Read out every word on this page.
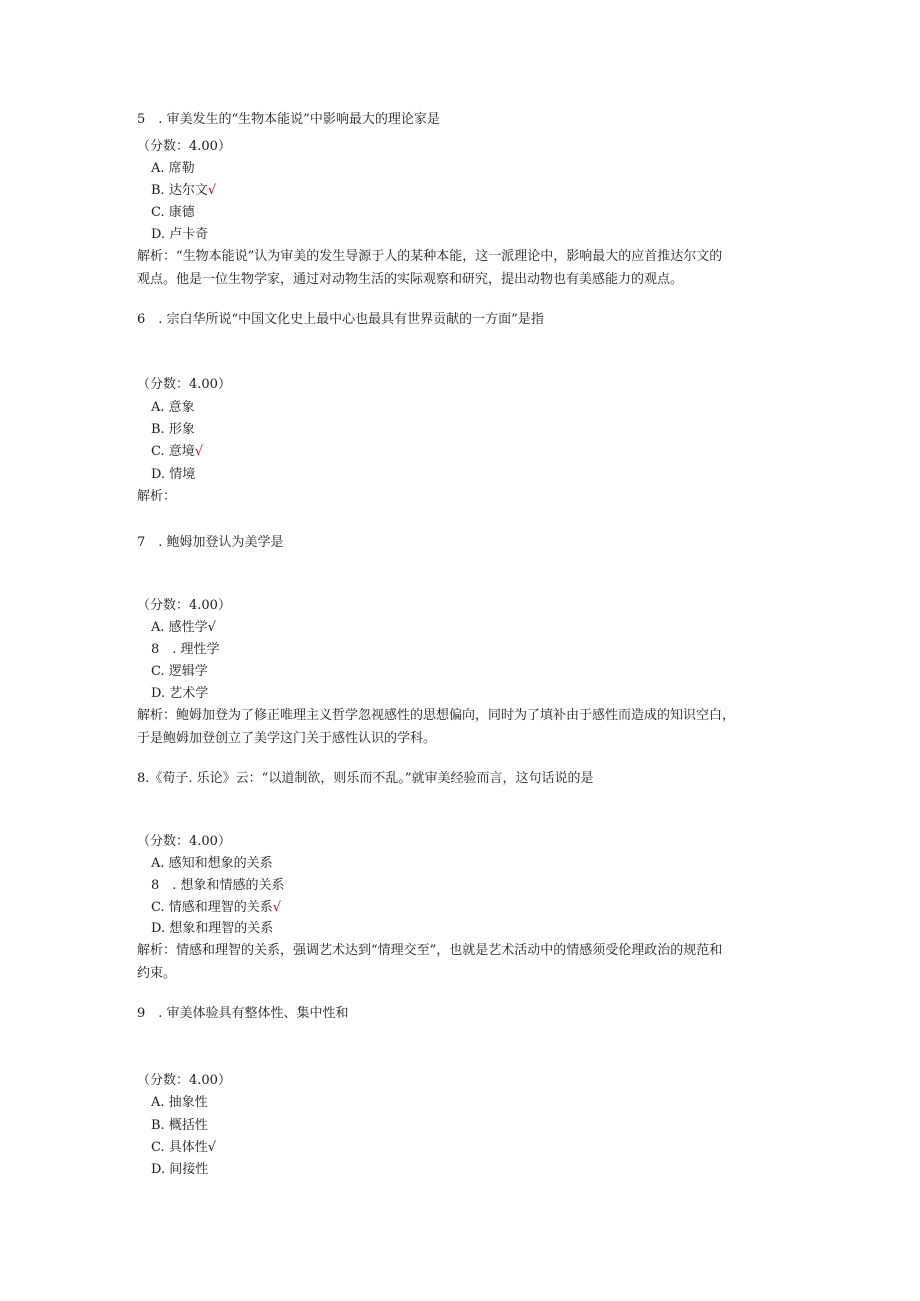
5　. 审美发生的“生物本能说”中影响最大的理论家是
（分数：4.00）
A. 席勒
B. 达尔文√
C. 康德
D. 卢卡奇
解析：“生物本能说”认为审美的发生导源于人的某种本能，这一派理论中，影响最大的应首推达尔文的
观点。他是一位生物学家，通过对动物生活的实际观察和研究，提出动物也有美感能力的观点。
6　. 宗白华所说“中国文化史上最中心也最具有世界贡献的一方面”是指
（分数：4.00）
A. 意象
B. 形象
C. 意境√
D. 情境
解析：
7　. 鲍姆加登认为美学是
（分数：4.00）
A. 感性学√
8　. 理性学
C. 逻辑学
D. 艺术学
解析：鲍姆加登为了修正唯理主义哲学忽视感性的思想偏向，同时为了填补由于感性而造成的知识空白，
于是鲍姆加登创立了美学这门关于感性认识的学科。
8.《荀子. 乐论》云：“以道制欲，则乐而不乱。”就审美经验而言，这句话说的是
（分数：4.00）
A. 感知和想象的关系
8　. 想象和情感的关系
C. 情感和理智的关系√
D. 想象和理智的关系
解析：情感和理智的关系，强调艺术达到“情理交至”，也就是艺术活动中的情感须受伦理政治的规范和
约束。
9　. 审美体验具有整体性、集中性和
（分数：4.00）
A. 抽象性
B. 概括性
C. 具体性√
D. 间接性
